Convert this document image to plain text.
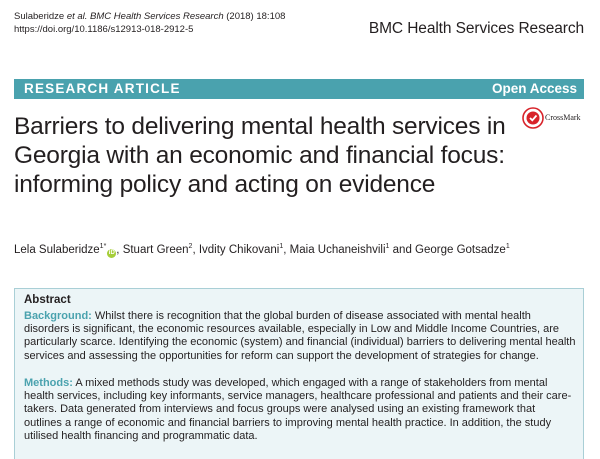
Sulaberidze et al. BMC Health Services Research (2018) 18:108
https://doi.org/10.1186/s12913-018-2912-5	BMC Health Services Research
RESEARCH ARTICLE	Open Access
Barriers to delivering mental health services in Georgia with an economic and financial focus: informing policy and acting on evidence
CrossMark
Lela Sulaberidze$^{1*}$iD , Stuart Green$^2$, Ivdity Chikovani$^1$, Maia Uchaneishvili$^1$ and George Gotsadze$^1$
Abstract

Background: Whilst there is recognition that the global burden of disease associated with mental health disorders is significant, the economic resources available, especially in Low and Middle Income Countries, are particularly scarce. Identifying the economic (system) and financial (individual) barriers to delivering mental health services and assessing the opportunities for reform can support the development of strategies for change.

Methods: A mixed methods study was developed, which engaged with a range of stakeholders from mental health services, including key informants, service managers, healthcare professional and patients and their care-takers. Data generated from interviews and focus groups were analysed using an existing framework that outlines a range of economic and financial barriers to improving mental health practice. In addition, the study utilised health financing and programmatic data.
